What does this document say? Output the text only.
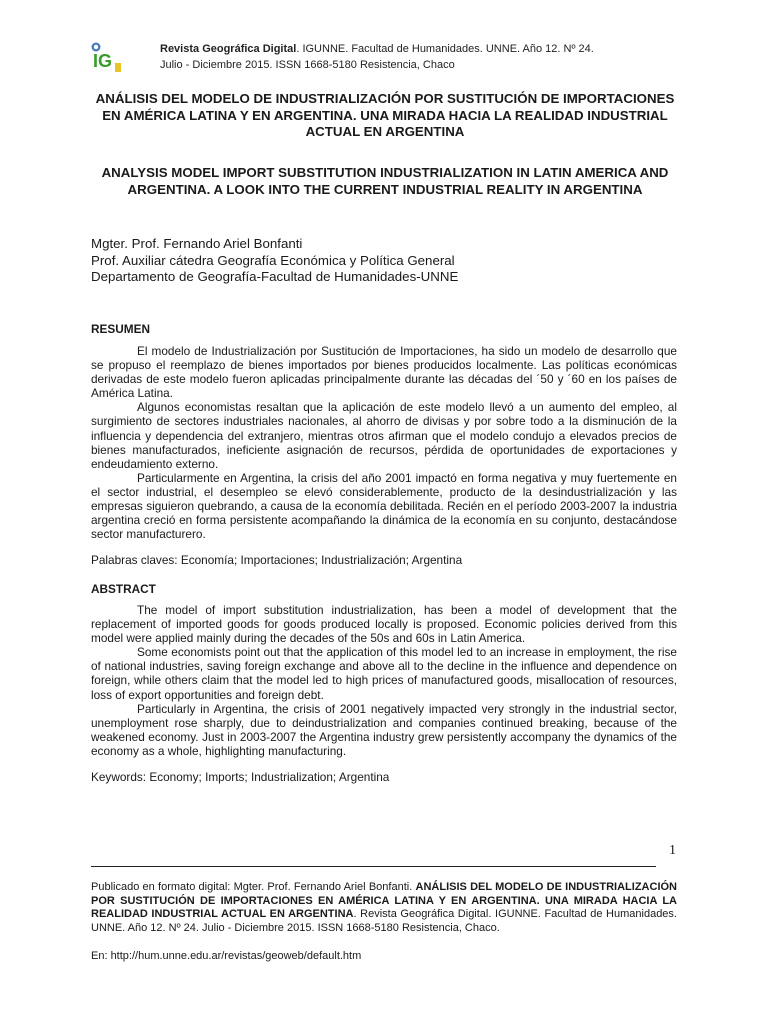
IG
Revista Geográfica Digital. IGUNNE. Facultad de Humanidades. UNNE. Año 12. Nº 24.
Julio - Diciembre 2015. ISSN 1668-5180 Resistencia, Chaco
ANÁLISIS DEL MODELO DE INDUSTRIALIZACIÓN POR SUSTITUCIÓN DE IMPORTACIONES EN AMÉRICA LATINA Y EN ARGENTINA. UNA MIRADA HACIA LA REALIDAD INDUSTRIAL ACTUAL EN ARGENTINA
ANALYSIS MODEL IMPORT SUBSTITUTION INDUSTRIALIZATION IN LATIN AMERICA AND ARGENTINA. A LOOK INTO THE CURRENT INDUSTRIAL REALITY IN ARGENTINA
Mgter. Prof. Fernando Ariel Bonfanti
Prof. Auxiliar cátedra Geografía Económica y Política General
Departamento de Geografía-Facultad de Humanidades-UNNE
RESUMEN

El modelo de Industrialización por Sustitución de Importaciones, ha sido un modelo de desarrollo que se propuso el reemplazo de bienes importados por bienes producidos localmente. Las políticas económicas derivadas de este modelo fueron aplicadas principalmente durante las décadas del ´50 y ´60 en los países de América Latina.

Algunos economistas resaltan que la aplicación de este modelo llevó a un aumento del empleo, al surgimiento de sectores industriales nacionales, al ahorro de divisas y por sobre todo a la disminución de la influencia y dependencia del extranjero, mientras otros afirman que el modelo condujo a elevados precios de bienes manufacturados, ineficiente asignación de recursos, pérdida de oportunidades de exportaciones y endeudamiento externo.

Particularmente en Argentina, la crisis del año 2001 impactó en forma negativa y muy fuertemente en el sector industrial, el desempleo se elevó considerablemente, producto de la desindustrialización y las empresas siguieron quebrando, a causa de la economía debilitada. Recién en el período 2003-2007 la industria argentina creció en forma persistente acompañando la dinámica de la economía en su conjunto, destacándose sector manufacturero.

Palabras claves: Economía; Importaciones; Industrialización; Argentina
ABSTRACT

The model of import substitution industrialization, has been a model of development that the replacement of imported goods for goods produced locally is proposed. Economic policies derived from this model were applied mainly during the decades of the 50s and 60s in Latin America.

Some economists point out that the application of this model led to an increase in employment, the rise of national industries, saving foreign exchange and above all to the decline in the influence and dependence on foreign, while others claim that the model led to high prices of manufactured goods, misallocation of resources, loss of export opportunities and foreign debt.

Particularly in Argentina, the crisis of 2001 negatively impacted very strongly in the industrial sector, unemployment rose sharply, due to deindustrialization and companies continued breaking, because of the weakened economy. Just in 2003-2007 the Argentina industry grew persistently accompany the dynamics of the economy as a whole, highlighting manufacturing.

Keywords: Economy; Imports; Industrialization; Argentina
1
Publicado en formato digital: Mgter. Prof. Fernando Ariel Bonfanti. ANÁLISIS DEL MODELO DE INDUSTRIALIZACIÓN POR SUSTITUCIÓN DE IMPORTACIONES EN AMÉRICA LATINA Y EN ARGENTINA. UNA MIRADA HACIA LA REALIDAD INDUSTRIAL ACTUAL EN ARGENTINA. Revista Geográfica Digital. IGUNNE. Facultad de Humanidades. UNNE. Año 12. Nº 24. Julio - Diciembre 2015. ISSN 1668-5180 Resistencia, Chaco.
En: http://hum.unne.edu.ar/revistas/geoweb/default.htm
